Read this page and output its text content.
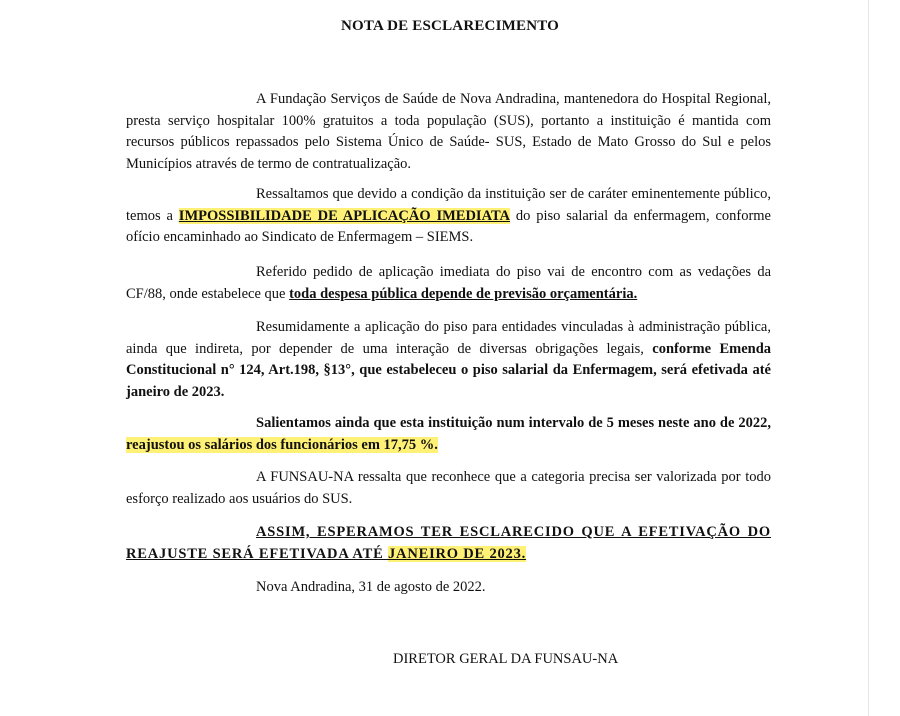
NOTA DE ESCLARECIMENTO
A Fundação Serviços de Saúde de Nova Andradina, mantenedora do Hospital Regional, presta serviço hospitalar 100% gratuitos a toda população (SUS), portanto a instituição é mantida com recursos públicos repassados pelo Sistema Único de Saúde- SUS, Estado de Mato Grosso do Sul e pelos Municípios através de termo de contratualização.
Ressaltamos que devido a condição da instituição ser de caráter eminentemente público, temos a IMPOSSIBILIDADE DE APLICAÇÃO IMEDIATA do piso salarial da enfermagem, conforme ofício encaminhado ao Sindicato de Enfermagem – SIEMS.
Referido pedido de aplicação imediata do piso vai de encontro com as vedações da CF/88, onde estabelece que toda despesa pública depende de previsão orçamentária.
Resumidamente a aplicação do piso para entidades vinculadas à administração pública, ainda que indireta, por depender de uma interação de diversas obrigações legais, conforme Emenda Constitucional n° 124, Art.198, §13°, que estabeleceu o piso salarial da Enfermagem, será efetivada até janeiro de 2023.
Salientamos ainda que esta instituição num intervalo de 5 meses neste ano de 2022, reajustou os salários dos funcionários em 17,75 %.
A FUNSAU-NA ressalta que reconhece que a categoria precisa ser valorizada por todo esforço realizado aos usuários do SUS.
ASSIM, ESPERAMOS TER ESCLARECIDO QUE A EFETIVAÇÃO DO REAJUSTE SERÁ EFETIVADA ATÉ JANEIRO DE 2023.
Nova Andradina, 31 de agosto de 2022.
DIRETOR GERAL DA FUNSAU-NA
